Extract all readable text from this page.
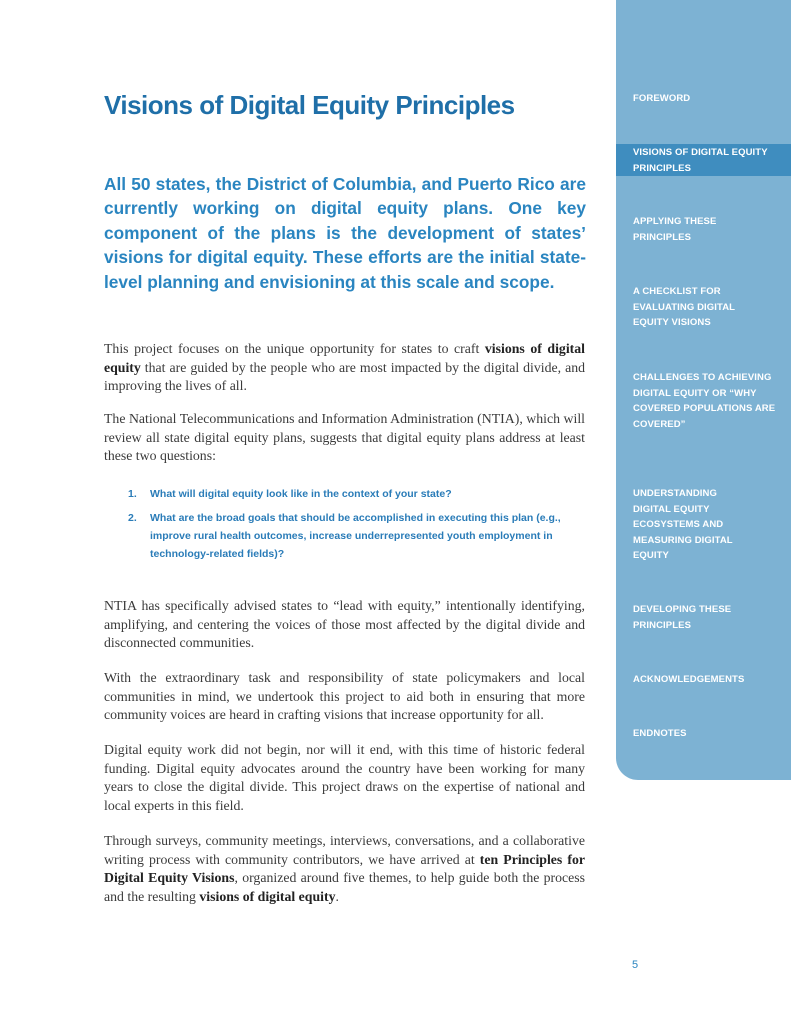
Visions of Digital Equity Principles

All 50 states, the District of Columbia, and Puerto Rico are currently working on digital equity plans. One key component of the plans is the development of states’ visions for digital equity. These efforts are the initial state-level planning and envisioning at this scale and scope.

This project focuses on the unique opportunity for states to craft visions of digital equity that are guided by the people who are most impacted by the digital divide, and improving the lives of all.

The National Telecommunications and Information Administration (NTIA), which will review all state digital equity plans, suggests that digital equity plans address at least these two questions:

1. What will digital equity look like in the context of your state?
2. What are the broad goals that should be accomplished in executing this plan (e.g., improve rural health outcomes, increase underrepresented youth employment in technology-related fields)?

NTIA has specifically advised states to “lead with equity,” intentionally identifying, amplifying, and centering the voices of those most affected by the digital divide and disconnected communities.

With the extraordinary task and responsibility of state policymakers and local communities in mind, we undertook this project to aid both in ensuring that more community voices are heard in crafting visions that increase opportunity for all.

Digital equity work did not begin, nor will it end, with this time of historic federal funding. Digital equity advocates around the country have been working for many years to close the digital divide. This project draws on the expertise of national and local experts in this field.

Through surveys, community meetings, interviews, conversations, and a collaborative writing process with community contributors, we have arrived at ten Principles for Digital Equity Visions, organized around five themes, to help guide both the process and the resulting visions of digital equity.

FOREWORD
VISIONS OF DIGITAL EQUITY PRINCIPLES
APPLYING THESE PRINCIPLES
A CHECKLIST FOR EVALUATING DIGITAL EQUITY VISIONS
CHALLENGES TO ACHIEVING DIGITAL EQUITY OR “WHY COVERED POPULATIONS ARE COVERED”
UNDERSTANDING DIGITAL EQUITY ECOSYSTEMS AND MEASURING DIGITAL EQUITY
DEVELOPING THESE PRINCIPLES
ACKNOWLEDGEMENTS
ENDNOTES
5
